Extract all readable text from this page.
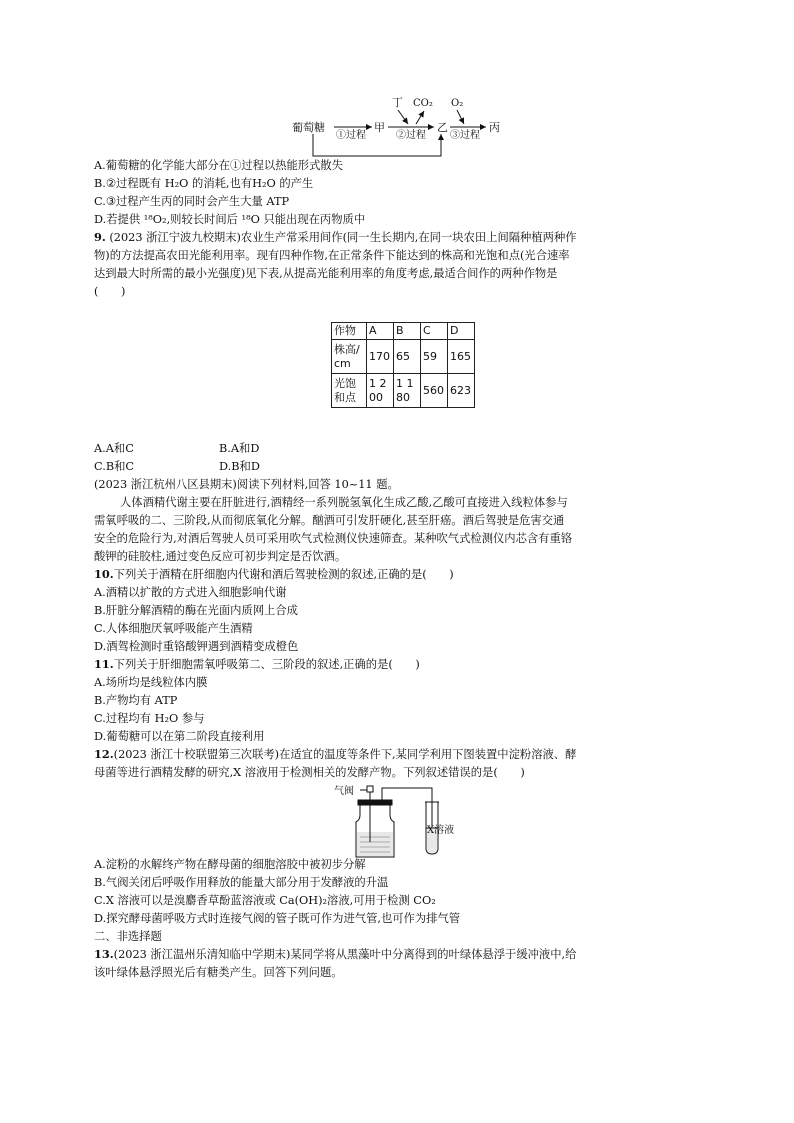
葡萄糖	甲	乙	丙
丁 CO₂ O₂
①过程	②过程 ③过程
A.葡萄糖的化学能大部分在①过程以热能形式散失
B.②过程既有 H₂O 的消耗,也有H₂O 的产生
C.③过程产生丙的同时会产生大量 ATP
D.若提供 ¹⁸O₂,则较长时间后 ¹⁸O 只能出现在丙物质中
9. (2023 浙江宁波九校期末)农业生产常采用间作(同一生长期内,在同一块农田上间隔种植两种作
物)的方法提高农田光能利用率。现有四种作物,在正常条件下能达到的株高和光饱和点(光合速率
达到最大时所需的最小光强度)见下表,从提高光能利用率的角度考虑,最适合间作的两种作物是
(　　)
作物	A	B	C	D
株高/cm	170	65	59	165
光饱和点	1 200	1 180	560	623
A.A和C	B.A和D
C.B和C	D.B和D
(2023 浙江杭州八区县期末)阅读下列材料,回答 10~11 题。
人体酒精代谢主要在肝脏进行,酒精经一系列脱氢氧化生成乙酸,乙酸可直接进入线粒体参与
需氧呼吸的二、三阶段,从而彻底氧化分解。酗酒可引发肝硬化,甚至肝癌。酒后驾驶是危害交通
安全的危险行为,对酒后驾驶人员可采用吹气式检测仪快速筛查。某种吹气式检测仪内芯含有重铬
酸钾的硅胶柱,通过变色反应可初步判定是否饮酒。
10.下列关于酒精在肝细胞内代谢和酒后驾驶检测的叙述,正确的是(　　)
A.酒精以扩散的方式进入细胞影响代谢
B.肝脏分解酒精的酶在光面内质网上合成
C.人体细胞厌氧呼吸能产生酒精
D.酒驾检测时重铬酸钾遇到酒精变成橙色
11.下列关于肝细胞需氧呼吸第二、三阶段的叙述,正确的是(　　)
A.场所均是线粒体内膜
B.产物均有 ATP
C.过程均有 H₂O 参与
D.葡萄糖可以在第二阶段直接利用
12.(2023 浙江十校联盟第三次联考)在适宜的温度等条件下,某同学利用下图装置中淀粉溶液、酵
母菌等进行酒精发酵的研究,X 溶液用于检测相关的发酵产物。下列叙述错误的是(　　)
气阀
X溶液
A.淀粉的水解终产物在酵母菌的细胞溶胶中被初步分解
B.气阀关闭后呼吸作用释放的能量大部分用于发酵液的升温
C.X 溶液可以是溴麝香草酚蓝溶液或 Ca(OH)₂溶液,可用于检测 CO₂
D.探究酵母菌呼吸方式时连接气阀的管子既可作为进气管,也可作为排气管
二、非选择题
13.(2023 浙江温州乐清知临中学期末)某同学将从黑藻叶中分离得到的叶绿体悬浮于缓冲液中,给
该叶绿体悬浮照光后有糖类产生。回答下列问题。
